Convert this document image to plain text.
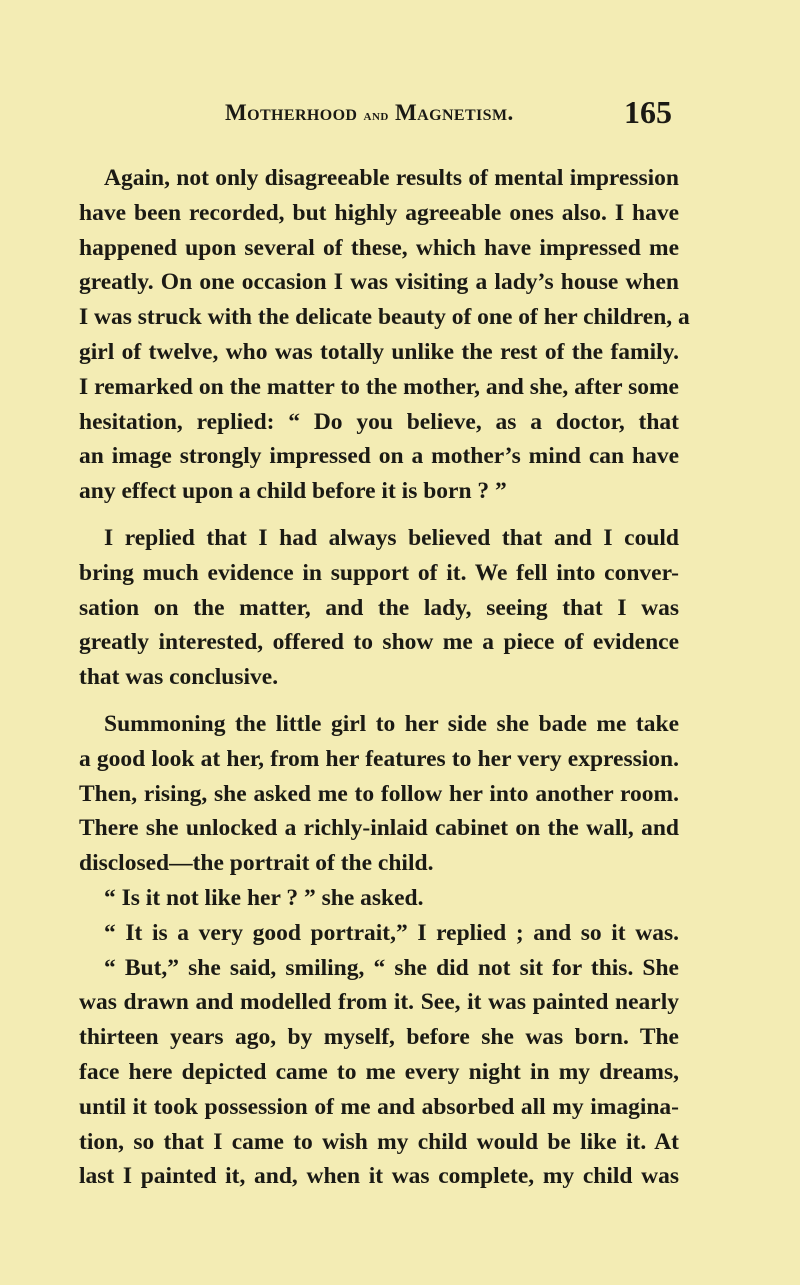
Motherhood and Magnetism.	165
Again, not only disagreeable results of mental impression
have been recorded, but highly agreeable ones also. I have
happened upon several of these, which have impressed me
greatly. On one occasion I was visiting a lady’s house when
I was struck with the delicate beauty of one of her children, a
girl of twelve, who was totally unlike the rest of the family.
I remarked on the matter to the mother, and she, after some
hesitation, replied: “ Do you believe, as a doctor, that
an image strongly impressed on a mother’s mind can have
any effect upon a child before it is born ? ”
I replied that I had always believed that and I could
bring much evidence in support of it. We fell into conver-
sation on the matter, and the lady, seeing that I was
greatly interested, offered to show me a piece of evidence
that was conclusive.
Summoning the little girl to her side she bade me take
a good look at her, from her features to her very expression.
Then, rising, she asked me to follow her into another room.
There she unlocked a richly-inlaid cabinet on the wall, and
disclosed—the portrait of the child.
“ Is it not like her ? ” she asked.
“ It is a very good portrait,” I replied ; and so it was.
“ But,” she said, smiling, “ she did not sit for this. She
was drawn and modelled from it. See, it was painted nearly
thirteen years ago, by myself, before she was born. The
face here depicted came to me every night in my dreams,
until it took possession of me and absorbed all my imagina-
tion, so that I came to wish my child would be like it. At
last I painted it, and, when it was complete, my child was
